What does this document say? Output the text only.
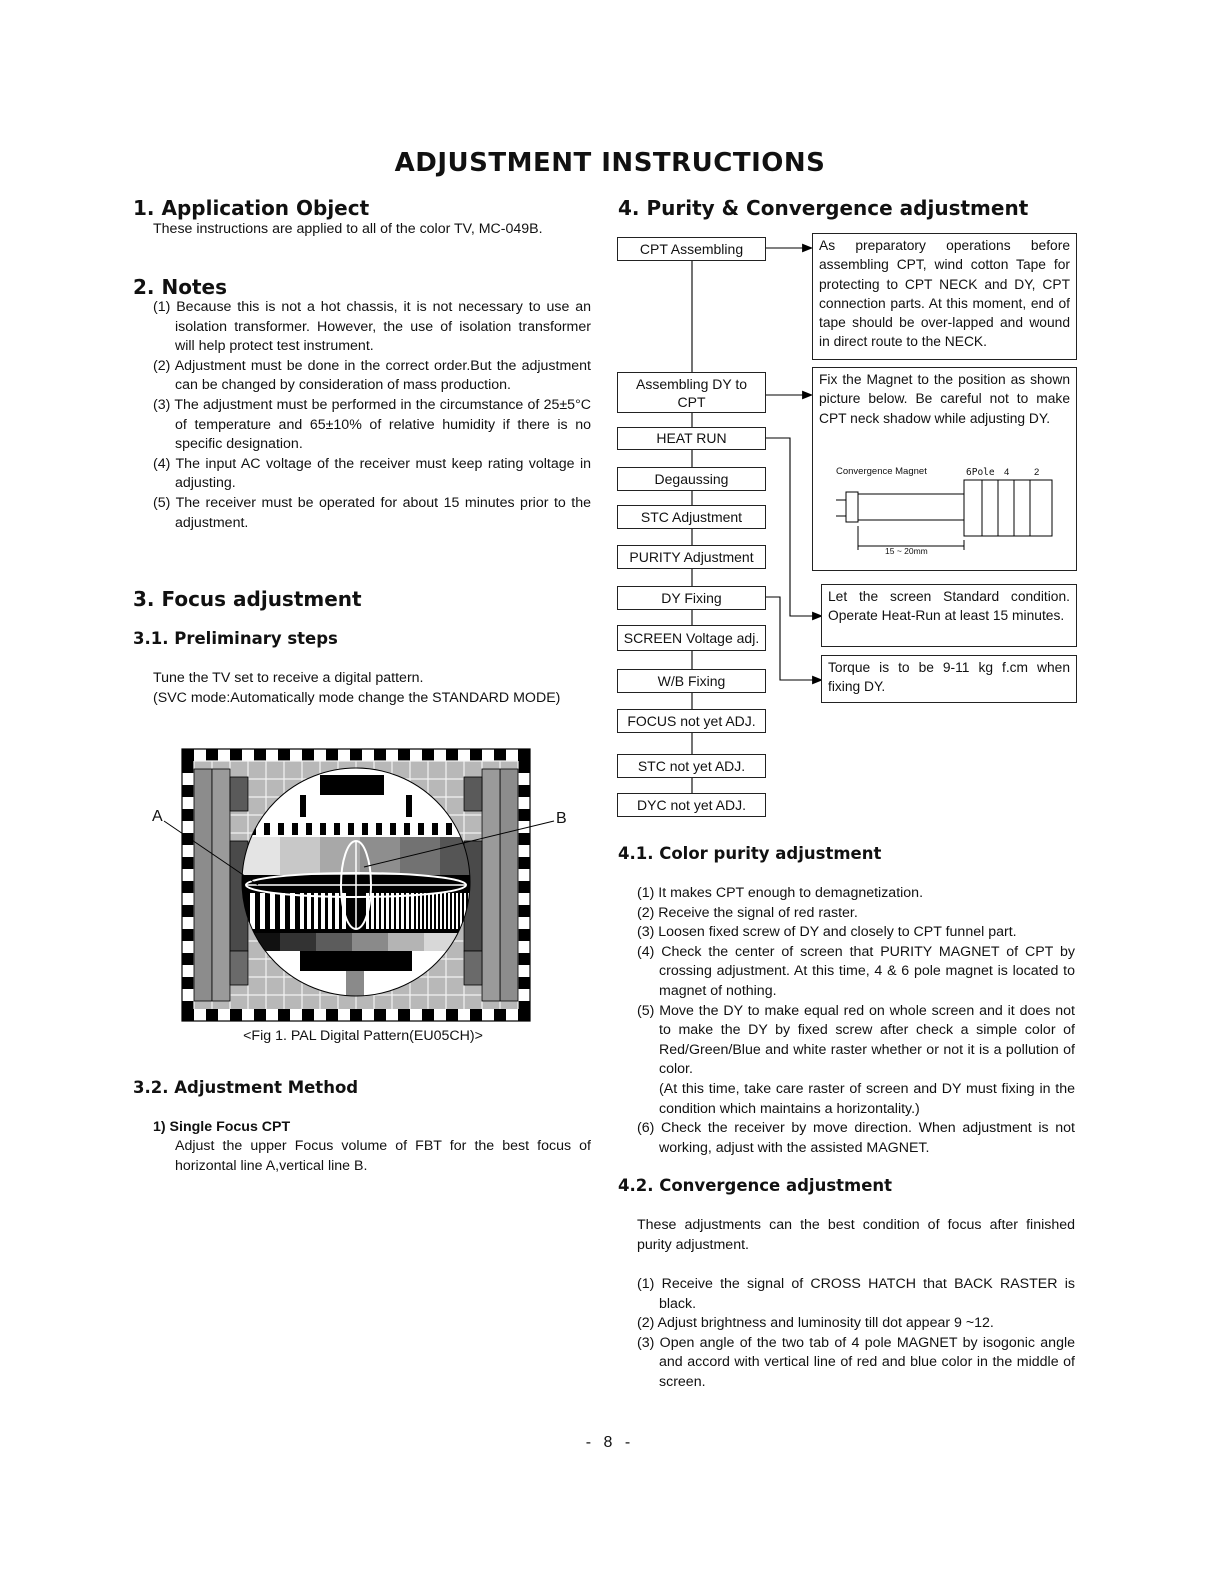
ADJUSTMENT INSTRUCTIONS
1. Application Object
These instructions are applied to all of the color TV, MC-049B.
2. Notes
(1) Because this is not a hot chassis, it is not necessary to use an isolation transformer. However, the use of isolation transformer will help protect test instrument.
(2) Adjustment must be done in the correct order.But the adjustment can be changed by consideration of mass production.
(3) The adjustment must be performed in the circumstance of 25±5°C of temperature and 65±10% of relative humidity if there is no specific designation.
(4) The input AC voltage of the receiver must keep rating voltage in adjusting.
(5) The receiver must be operated for about 15 minutes prior to the adjustment.
3. Focus adjustment
3.1. Preliminary steps
Tune the TV set to receive a digital pattern.
(SVC mode:Automatically mode change the STANDARD MODE)
A	B
<Fig 1. PAL Digital Pattern(EU05CH)>
3.2. Adjustment Method
1) Single Focus CPT
Adjust the upper Focus volume of FBT for the best focus of horizontal line A,vertical line B.
4. Purity & Convergence adjustment
CPT Assembling
Assembling DY to CPT
HEAT RUN
Degaussing
STC Adjustment
PURITY Adjustment
DY Fixing
SCREEN Voltage adj.
W/B Fixing
FOCUS not yet ADJ.
STC not yet ADJ.
DYC not yet ADJ.
As preparatory operations before assembling CPT, wind cotton Tape for protecting to CPT NECK and DY, CPT connection parts. At this moment, end of tape should be over-lapped and wound in direct route to the NECK.
Fix the Magnet to the position as shown picture below. Be careful not to make CPT neck shadow while adjusting DY.
Let the screen Standard condition. Operate Heat-Run at least 15 minutes.
Torque is to be 9-11 kg f.cm when fixing DY.
Convergence Magnet	6Pole 4	2
15 ~ 20mm
4.1. Color purity adjustment
(1) It makes CPT enough to demagnetization.
(2) Receive the signal of red raster.
(3) Loosen fixed screw of DY and closely to CPT funnel part.
(4) Check the center of screen that PURITY MAGNET of CPT by crossing adjustment. At this time, 4 & 6 pole magnet is located to magnet of nothing.
(5) Move the DY to make equal red on whole screen and it does not to make the DY by fixed screw after check a simple color of Red/Green/Blue and white raster whether or not it is a pollution of color.
(At this time, take care raster of screen and DY must fixing in the condition which maintains a horizontality.)
(6) Check the receiver by move direction. When adjustment is not working, adjust with the assisted MAGNET.
4.2. Convergence adjustment
These adjustments can the best condition of focus after finished purity adjustment.
(1) Receive the signal of CROSS HATCH that BACK RASTER is black.
(2) Adjust brightness and luminosity till dot appear 9 ~12.
(3) Open angle of the two tab of 4 pole MAGNET by isogonic angle and accord with vertical line of red and blue color in the middle of screen.
- 8 -
